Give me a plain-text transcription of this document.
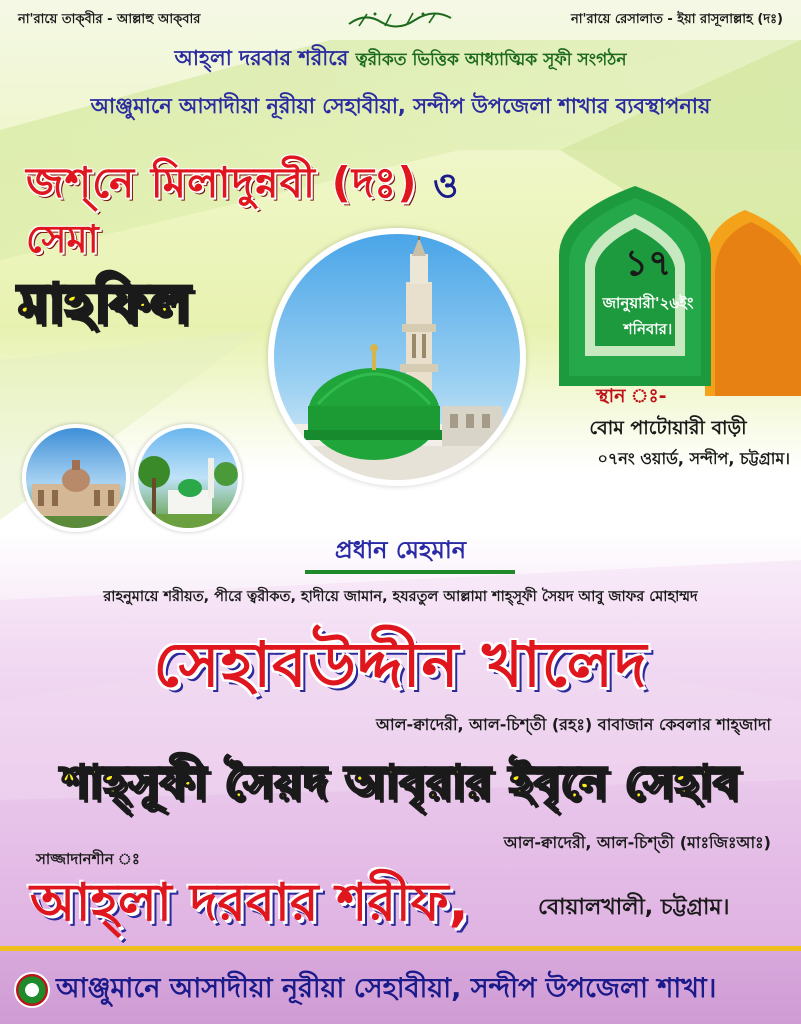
না'রায়ে তাক্‌বীর - আল্লাহু আক্‌বার	না'রায়ে রেসালাত - ইয়া রাসূলাল্লাহ (দঃ)
আহ্‌লা দরবার শরীরে ত্বরীকত ভিত্তিক আধ্যাত্মিক সূফী সংগঠন
আঞ্জুমানে আসাদীয়া নূরীয়া সেহাবীয়া, সন্দীপ উপজেলা শাখার ব্যবস্থাপনায়
জশ্‌নে মিলাদুন্নবী (দঃ) ও
সেমা
মাহফিল
১৭
জানুয়ারী'২৬ইং
শনিবার।
স্থান ঃ-
বোম পাটোয়ারী বাড়ী
০৭নং ওয়ার্ড, সন্দীপ, চট্টগ্রাম।
প্রধান মেহমান
রাহনুমায়ে শরীয়ত, পীরে ত্বরীকত, হাদীয়ে জামান, হযরতুল আল্লামা শাহ্‌সূফী সৈয়দ আবু জাফর মোহাম্মদ
সেহাবউদ্দীন খালেদ
আল-ক্বাদেরী, আল-চিশ্‌তী (রহঃ) বাবাজান কেবলার শাহ্‌জাদা
শাহ্‌সূফী সৈয়দ আবৃরার ইবৃনে সেহাব
আল-ক্বাদেরী, আল-চিশ্‌তী (মাঃজিঃআঃ)
সাজ্জাদানশীন ঃ
আহ্‌লা দরবার শরীফ,	বোয়ালখালী, চট্টগ্রাম।
আঞ্জুমানে আসাদীয়া নূরীয়া সেহাবীয়া, সন্দীপ উপজেলা শাখা।
